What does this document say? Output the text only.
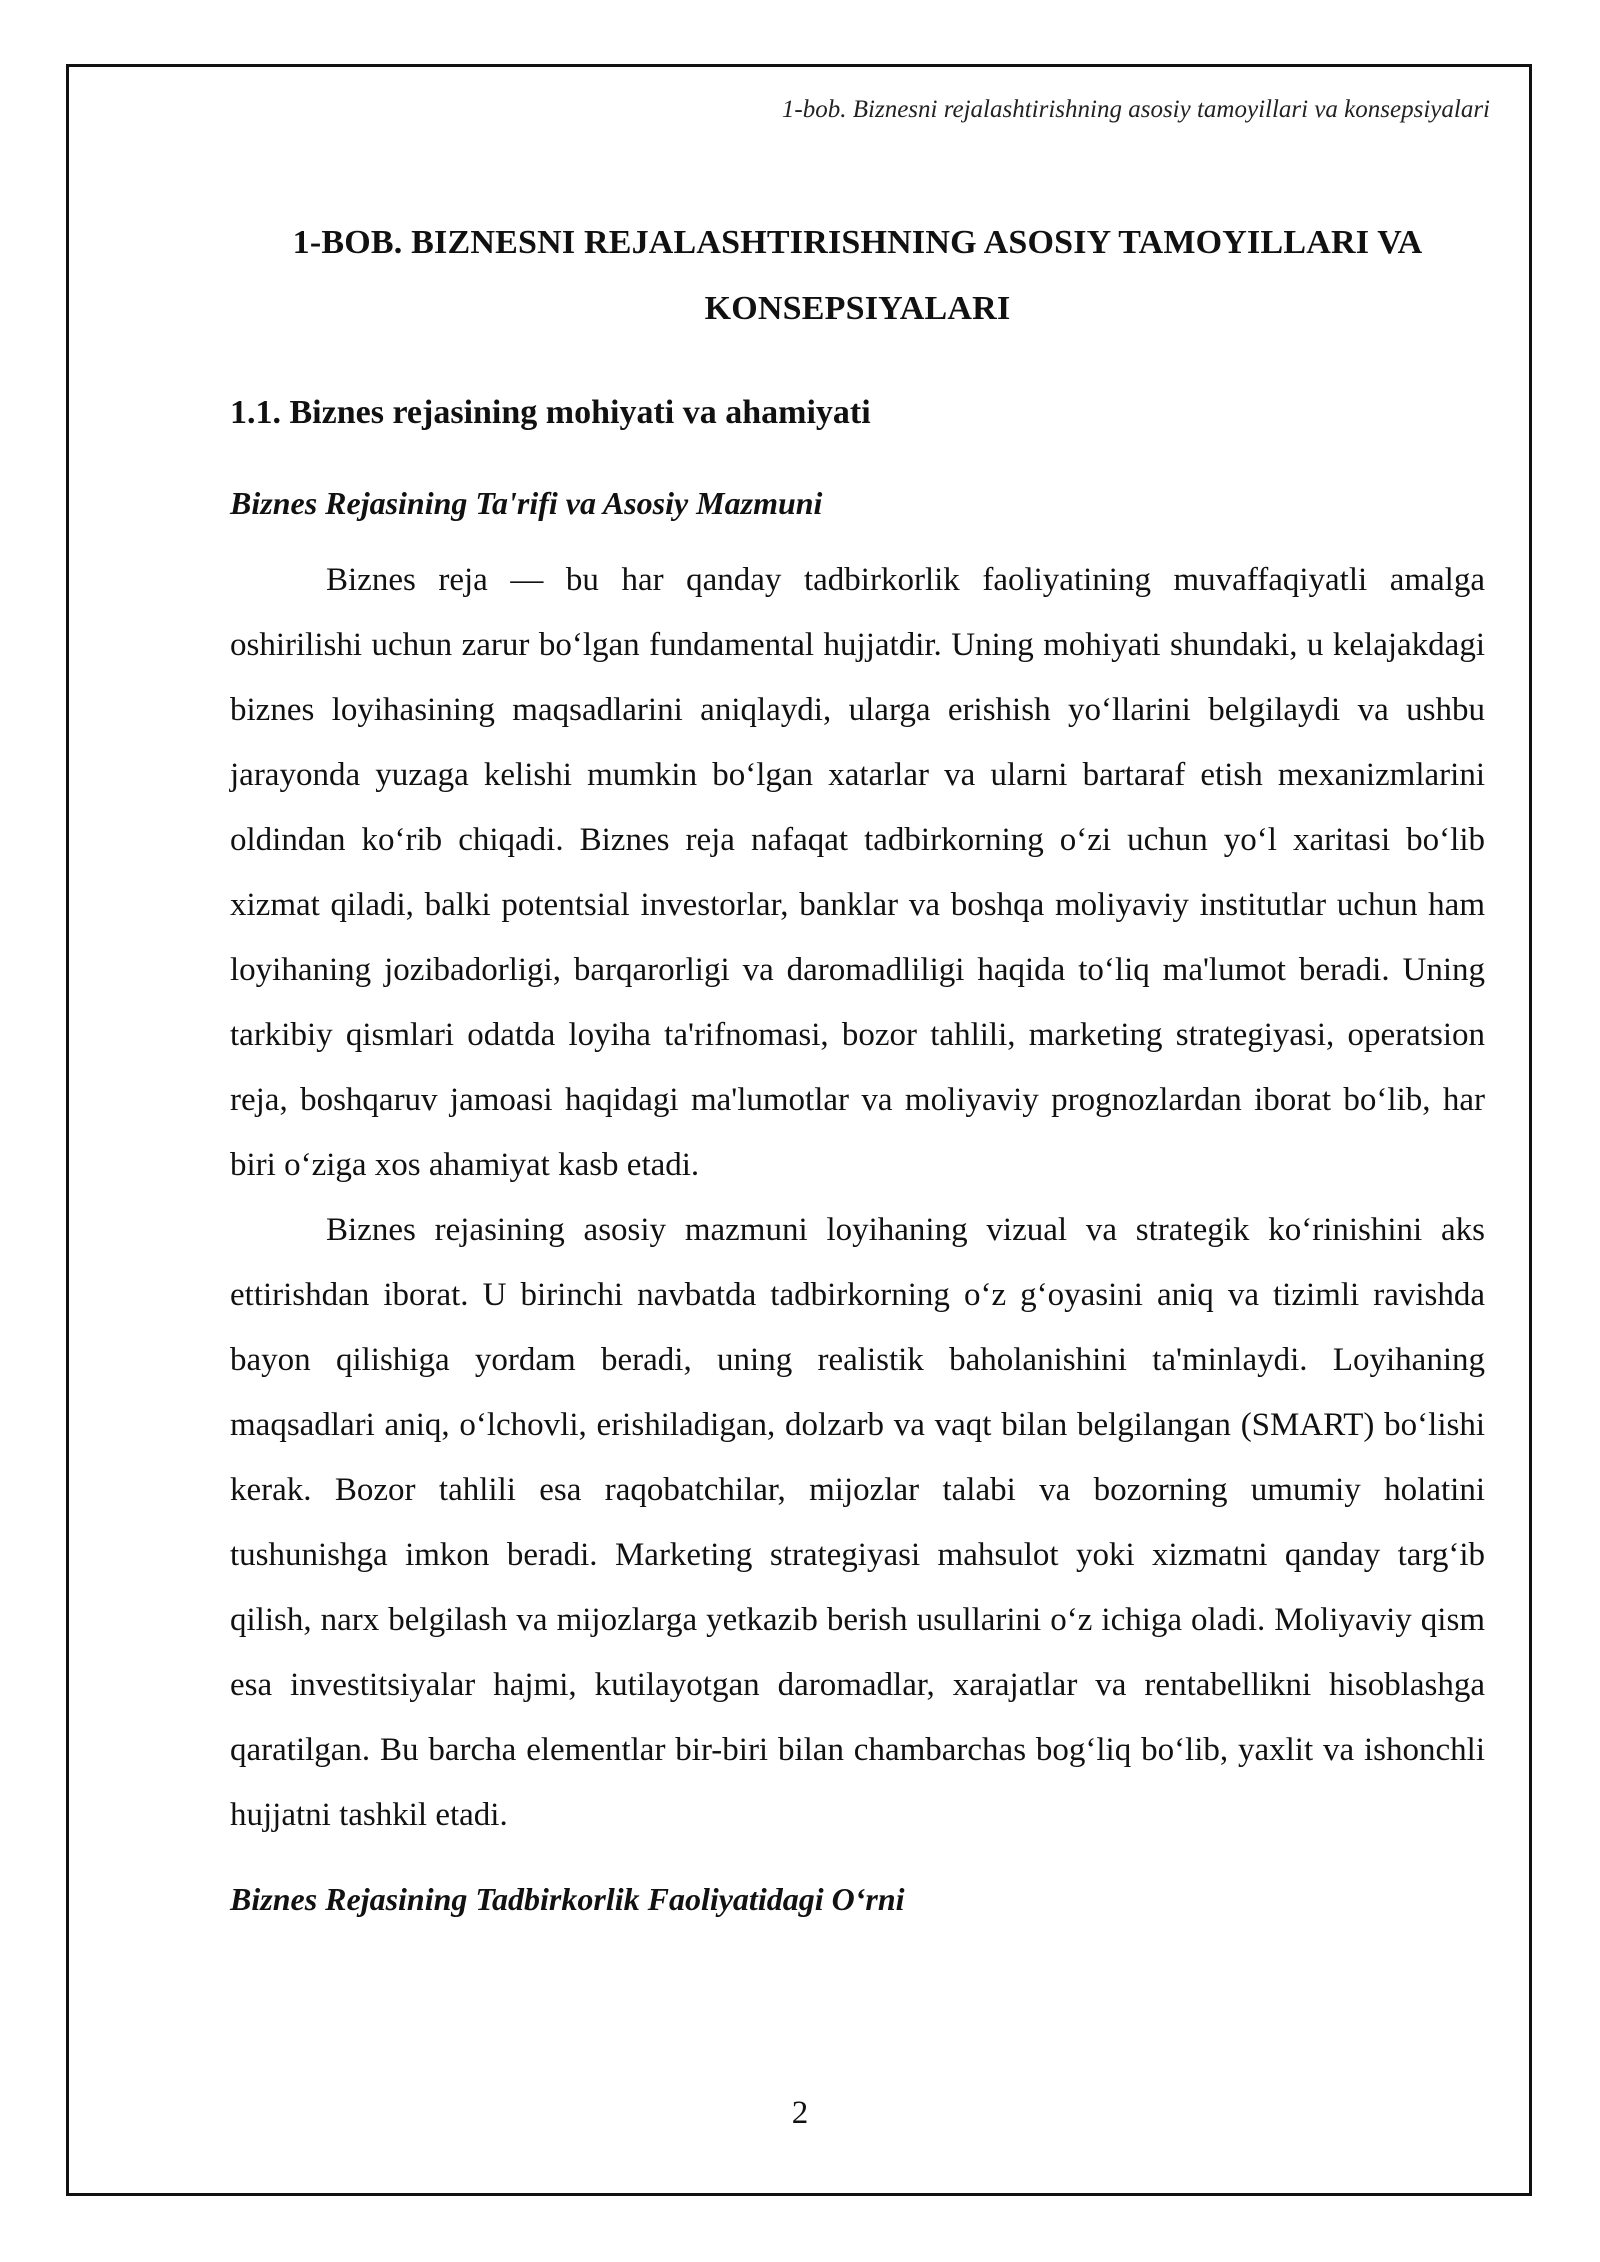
1-bob. Biznesni rejalashtirishning asosiy tamoyillari va konsepsiyalari
1-BOB. BIZNESNI REJALASHTIRISHNING ASOSIY TAMOYILLARI VA
KONSEPSIYALARI
1.1. Biznes rejasining mohiyati va ahamiyati
Biznes Rejasining Ta'rifi va Asosiy Mazmuni

Biznes reja — bu har qanday tadbirkorlik faoliyatining muvaffaqiyatli amalga oshirilishi uchun zarur bo‘lgan fundamental hujjatdir. Uning mohiyati shundaki, u kelajakdagi biznes loyihasining maqsadlarini aniqlaydi, ularga erishish yo‘llarini belgilaydi va ushbu jarayonda yuzaga kelishi mumkin bo‘lgan xatarlar va ularni bartaraf etish mexanizmlarini oldindan ko‘rib chiqadi. Biznes reja nafaqat tadbirkorning o‘zi uchun yo‘l xaritasi bo‘lib xizmat qiladi, balki potentsial investorlar, banklar va boshqa moliyaviy institutlar uchun ham loyihaning jozibadorligi, barqarorligi va daromadliligi haqida to‘liq ma'lumot beradi. Uning tarkibiy qismlari odatda loyiha ta'rifnomasi, bozor tahlili, marketing strategiyasi, operatsion reja, boshqaruv jamoasi haqidagi ma'lumotlar va moliyaviy prognozlardan iborat bo‘lib, har biri o‘ziga xos ahamiyat kasb etadi.

Biznes rejasining asosiy mazmuni loyihaning vizual va strategik ko‘rinishini aks ettirishdan iborat. U birinchi navbatda tadbirkorning o‘z g‘oyasini aniq va tizimli ravishda bayon qilishiga yordam beradi, uning realistik baholanishini ta'minlaydi. Loyihaning maqsadlari aniq, o‘lchovli, erishiladigan, dolzarb va vaqt bilan belgilangan (SMART) bo‘lishi kerak. Bozor tahlili esa raqobatchilar, mijozlar talabi va bozorning umumiy holatini tushunishga imkon beradi. Marketing strategiyasi mahsulot yoki xizmatni qanday targ‘ib qilish, narx belgilash va mijozlarga yetkazib berish usullarini o‘z ichiga oladi. Moliyaviy qism esa investitsiyalar hajmi, kutilayotgan daromadlar, xarajatlar va rentabellikni hisoblashga qaratilgan. Bu barcha elementlar bir-biri bilan chambarchas bog‘liq bo‘lib, yaxlit va ishonchli hujjatni tashkil etadi.

Biznes Rejasining Tadbirkorlik Faoliyatidagi O‘rni
2
